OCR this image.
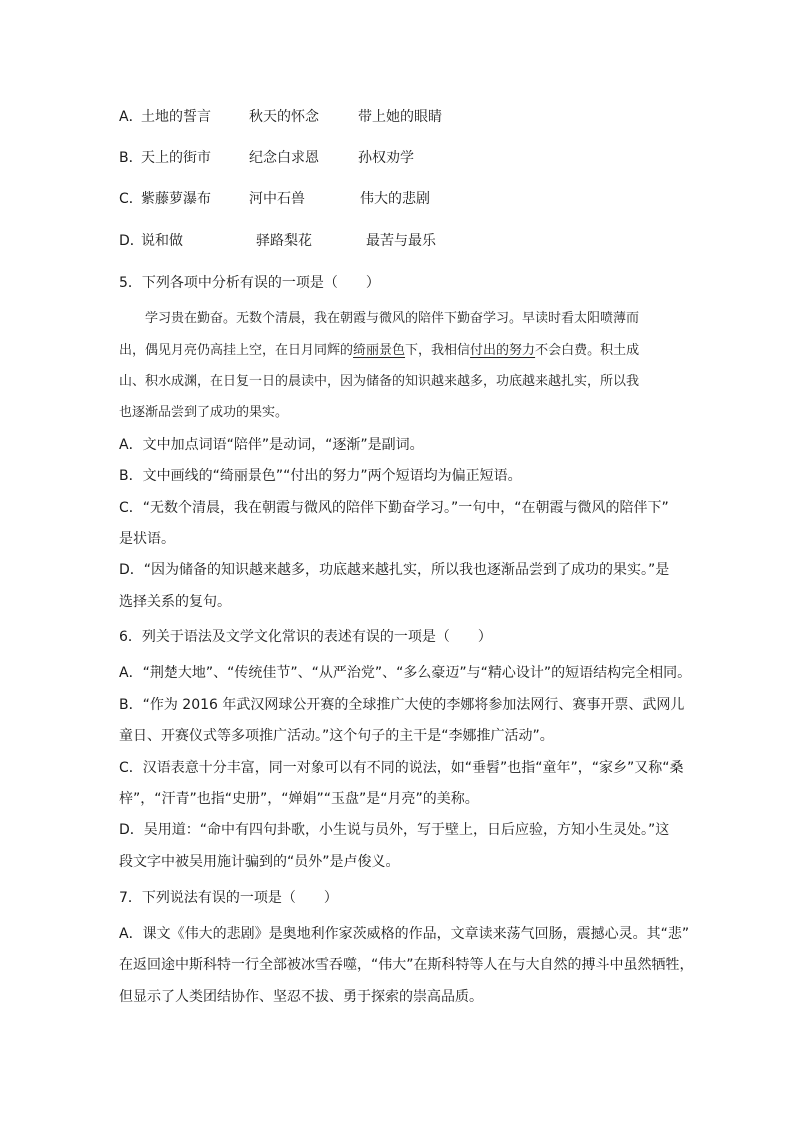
A．
土地的誓言	秋天的怀念	带上她的眼睛
B．
天上的街市	纪念白求恩	孙权劝学
C．
紫藤萝瀑布	河中石兽	伟大的悲剧
D．
说和做	驿路梨花	最苦与最乐
5．下列各项中分析有误的一项是（　　）
　　学习贵在勤奋。无数个清晨，我在朝霞与微风的陪伴下勤奋学习。早读时看太阳喷薄而
出，偶见月亮仍高挂上空，在日月同辉的绮丽景色下，我相信付出的努力不会白费。积土成
山、积水成渊，在日复一日的晨读中，因为储备的知识越来越多，功底越来越扎实，所以我
也逐渐品尝到了成功的果实。
A．文中加点词语“陪伴”是动词，“逐渐”是副词。
B．文中画线的“绮丽景色”“付出的努力”两个短语均为偏正短语。
C．“无数个清晨，我在朝霞与微风的陪伴下勤奋学习。”一句中，“在朝霞与微风的陪伴下”
是状语。
D．“因为储备的知识越来越多，功底越来越扎实，所以我也逐渐品尝到了成功的果实。”是
选择关系的复句。
6．列关于语法及文学文化常识的表述有误的一项是（　　）
A．“荆楚大地”、“传统佳节”、“从严治党”、“多么豪迈”与“精心设计”的短语结构完全相同。
B．“作为 2016 年武汉网球公开赛的全球推广大使的李娜将参加法网行、赛事开票、武网儿
童日、开赛仪式等多项推广活动。”这个句子的主干是“李娜推广活动”。
C．汉语表意十分丰富，同一对象可以有不同的说法，如“垂髫”也指“童年”，“家乡”又称“桑
梓”，“汗青”也指“史册”，“婵娟”“玉盘”是“月亮”的美称。
D．吴用道：“命中有四句卦歌，小生说与员外，写于壁上，日后应验，方知小生灵处。”这
段文字中被吴用施计骗到的“员外”是卢俊义。
7．下列说法有误的一项是（　　）
A．课文《伟大的悲剧》是奥地利作家茨威格的作品，文章读来荡气回肠，震撼心灵。其“悲”
在返回途中斯科特一行全部被冰雪吞噬，“伟大”在斯科特等人在与大自然的搏斗中虽然牺牲，
但显示了人类团结协作、坚忍不拔、勇于探索的崇高品质。
